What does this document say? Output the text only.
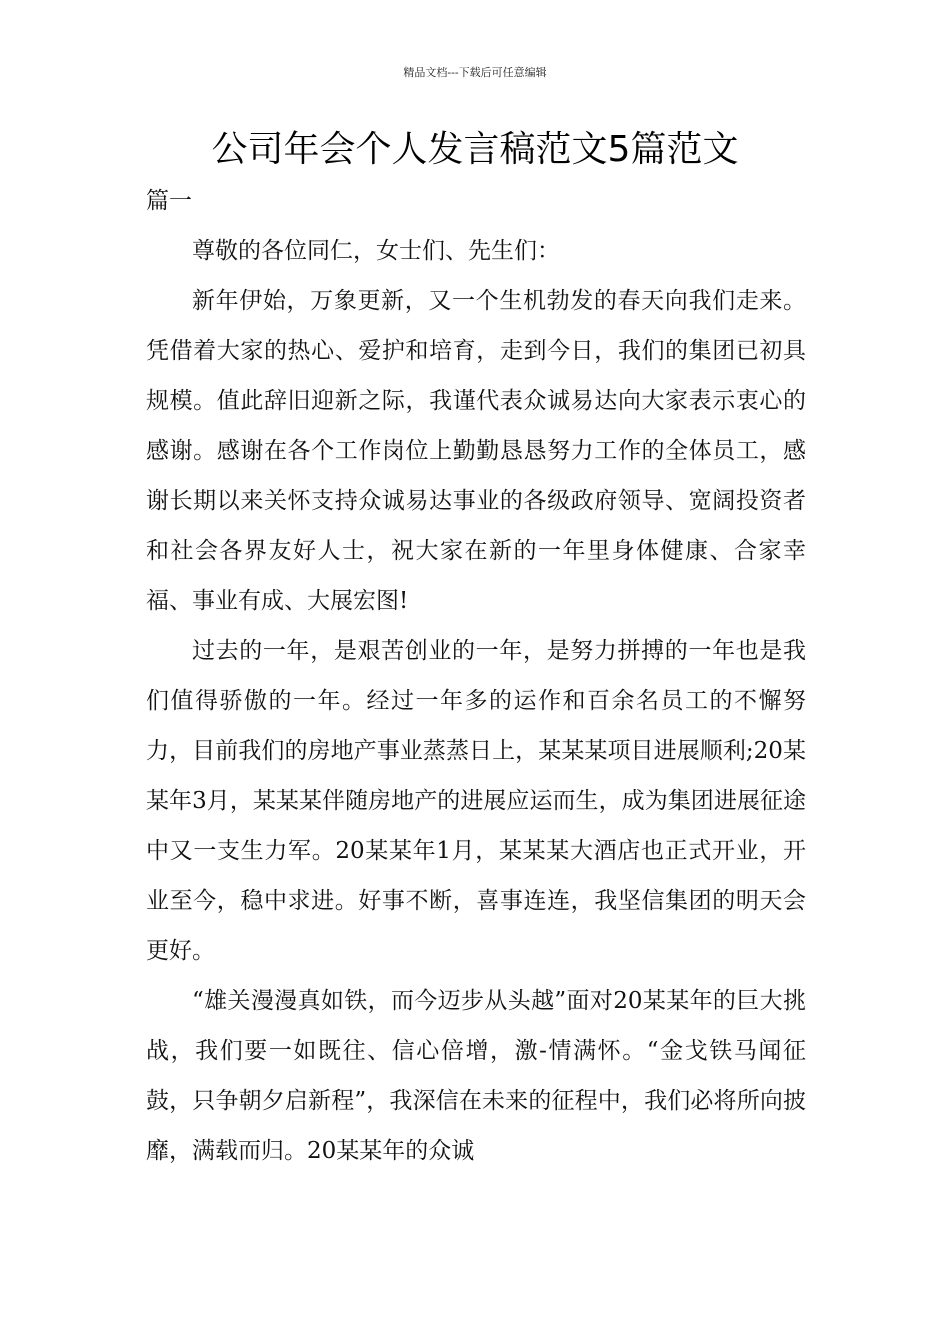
精品文档---下载后可任意编辑
公司年会个人发言稿范文5篇范文

篇一

尊敬的各位同仁，女士们、先生们：

新年伊始，万象更新，又一个生机勃发的春天向我们走来。凭借着大家的热心、爱护和培育，走到今日，我们的集团已初具规模。值此辞旧迎新之际，我谨代表众诚易达向大家表示衷心的感谢。感谢在各个工作岗位上勤勤恳恳努力工作的全体员工，感谢长期以来关怀支持众诚易达事业的各级政府领导、宽阔投资者和社会各界友好人士，祝大家在新的一年里身体健康、合家幸福、事业有成、大展宏图!

过去的一年，是艰苦创业的一年，是努力拼搏的一年也是我们值得骄傲的一年。经过一年多的运作和百余名员工的不懈努力，目前我们的房地产事业蒸蒸日上，某某某项目进展顺利;20某某年3月，某某某伴随房地产的进展应运而生，成为集团进展征途中又一支生力军。20某某年1月，某某某大酒店也正式开业，开业至今，稳中求进。好事不断，喜事连连，我坚信集团的明天会更好。

“雄关漫漫真如铁，而今迈步从头越”面对20某某年的巨大挑战，我们要一如既往、信心倍增，激-情满怀。“金戈铁马闻征鼓，只争朝夕启新程”，我深信在未来的征程中，我们必将所向披靡，满载而归。20某某年的众诚
